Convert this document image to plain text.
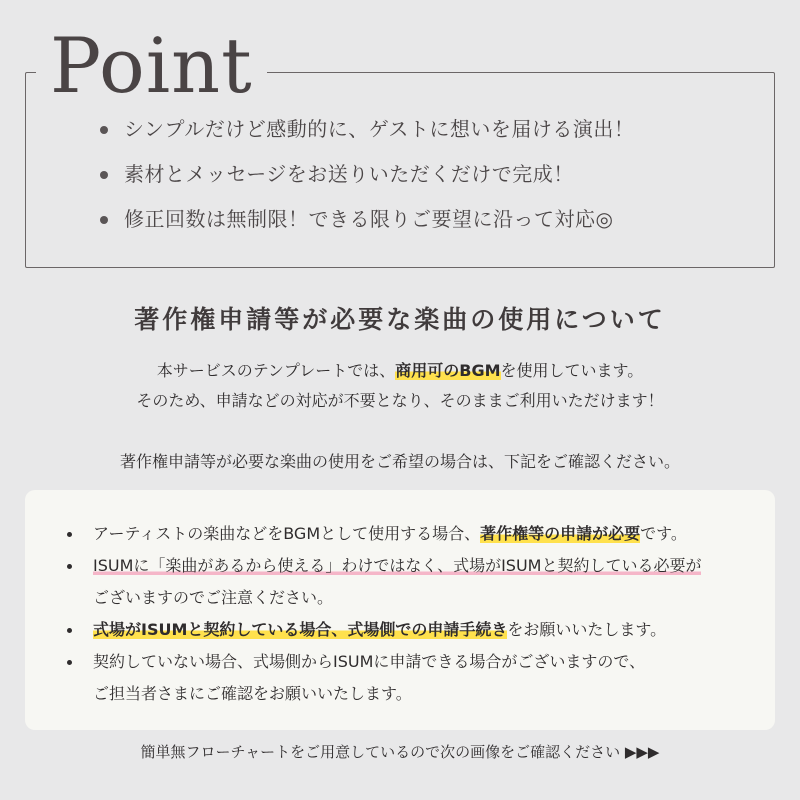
Point
シンプルだけど感動的に、ゲストに想いを届ける演出！
素材とメッセージをお送りいただくだけで完成！
修正回数は無制限！できる限りご要望に沿って対応◎
著作権申請等が必要な楽曲の使用について
本サービスのテンプレートでは、商用可のBGMを使用しています。
そのため、申請などの対応が不要となり、そのままご利用いただけます！
著作権申請等が必要な楽曲の使用をご希望の場合は、下記をご確認ください。
アーティストの楽曲などをBGMとして使用する場合、著作権等の申請が必要です。
ISUMに「楽曲があるから使える」わけではなく、式場がISUMと契約している必要が
ございますのでご注意ください。
式場がISUMと契約している場合、式場側での申請手続きをお願いいたします。
契約していない場合、式場側からISUMに申請できる場合がございますので、
ご担当者さまにご確認をお願いいたします。
簡単無フローチャートをご用意しているので次の画像をご確認ください ▶▶▶
